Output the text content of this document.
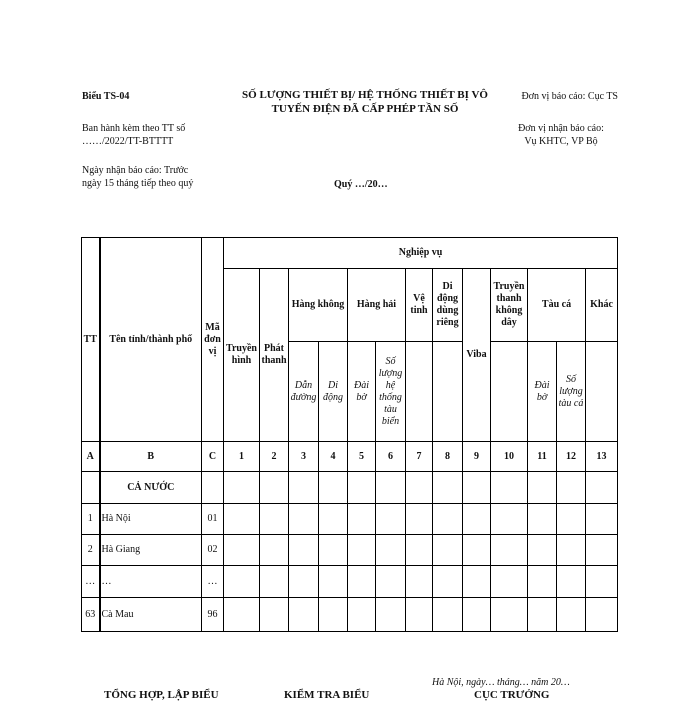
Biểu TS-04	SỐ LƯỢNG THIẾT BỊ/ HỆ THỐNG THIẾT BỊ VÔ
TUYẾN ĐIỆN ĐÃ CẤP PHÉP TẦN SỐ
Đơn vị báo cáo: Cục TS
Ban hành kèm theo TT số
……/2022/TT-BTTTT
Đơn vị nhận báo cáo:
Vụ KHTC, VP Bộ
Ngày nhận báo cáo: Trước
ngày 15 tháng tiếp theo quý	Quý …/20…
TT	Tên tỉnh/thành phố	Mã đơn vị	Nghiệp vụ												
			Truyền hình	Phát thanh	Hàng không		Hàng hải		Vệ tinh	Di động dùng riêng	Viba	Truyền thanh không dây	Tàu cá		Khác
					Dẫn đường	Di động	Đài bờ	Số lượng hệ thống tàu biển					Đài bờ	Số lượng tàu cá	
A	B	C	1	2	3	4	5	6	7	8	9	10	11	12	13
	CẢ NƯỚC														
1	Hà Nội	01													
2	Hà Giang	02													
…	…	…													
63	Cà Mau	96													
Hà Nội, ngày… tháng… năm 20…
TỔNG HỢP, LẬP BIỂU	KIỂM TRA BIỂU	CỤC TRƯỞNG
